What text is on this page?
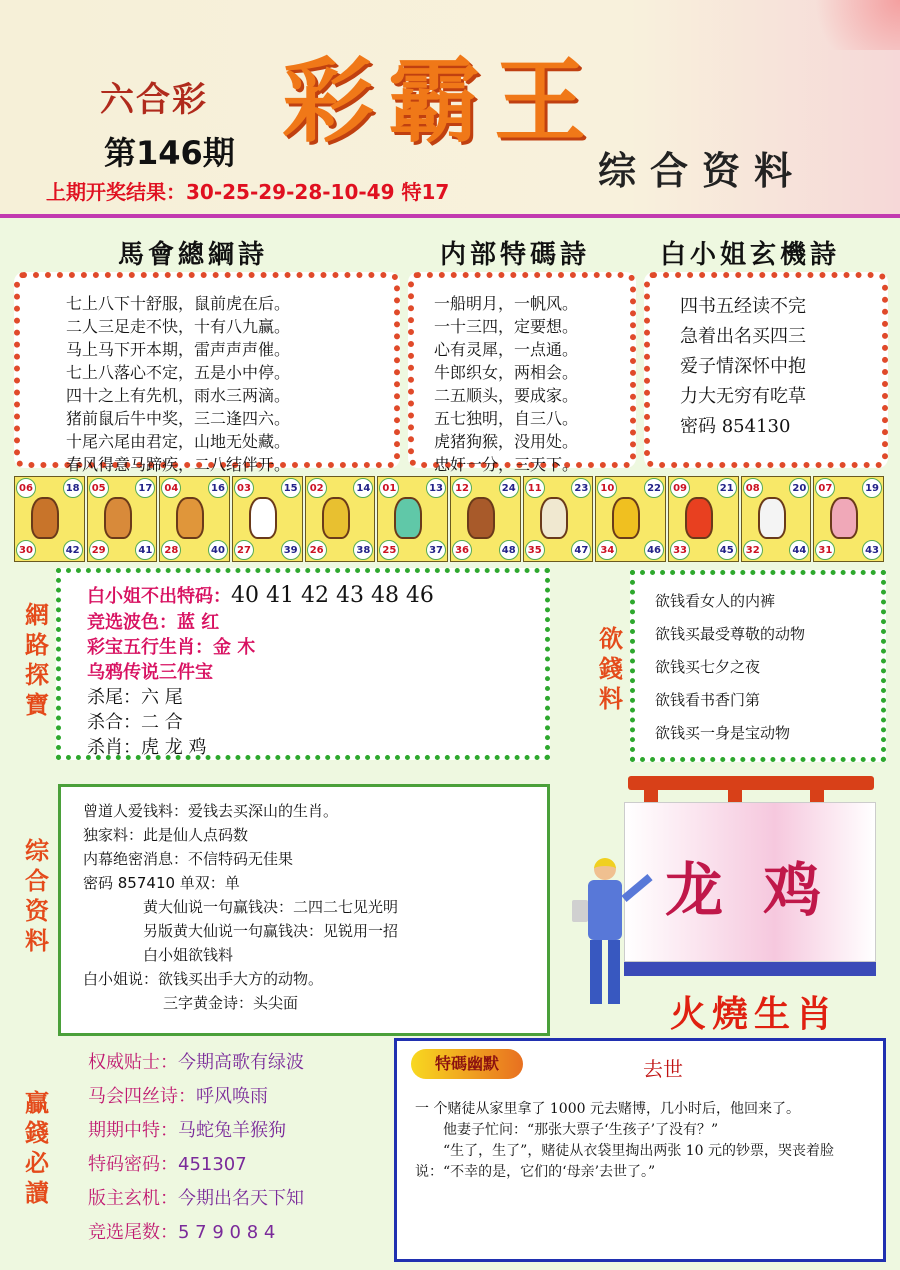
六合彩 彩霸王
第146期	综合资料
上期开奖结果：30-25-29-28-10-49 特17
馬會總綱詩	内部特碼詩	白小姐玄機詩
七上八下十舒服，鼠前虎在后。
二人三足走不快，十有八九赢。
马上马下开本期，雷声声声催。
七上八落心不定，五是小中停。
四十之上有先机，雨水三两滴。
猪前鼠后牛中奖，三二逢四六。
十尾六尾由君定，山地无处藏。
春风得意马蹄疾，二八结伴开。
一船明月，一帆风。
一十三四，定要想。
心有灵犀，一点通。
牛郎织女，两相会。
二五顺头，要成家。
五七独明，自三八。
虎猪狗猴，没用处。
忠奸一分，三天下。
四书五经读不完
急着出名买四三
爱子情深怀中抱
力大无穷有吃草
密码 854130
06	18
30	42
05	17
29	41
04	16
28	40
03	15
27	39
02	14
26	38
01	13
25	37
12	24
36	48
11	23
35	47
10	22
34	46
09	21
33	45
08	20
32	44
07	19
31	43
網路探寶
白小姐不出特码：40 41 42 43 48 46
竞选波色：蓝 红
彩宝五行生肖：金 木
乌鸦传说三件宝
杀尾：六 尾
杀合：二 合
杀肖：虎 龙 鸡
欲錢料
欲钱看女人的内裤
欲钱买最受尊敬的动物
欲钱买七夕之夜
欲钱看书香门第
欲钱买一身是宝动物
综合资料
曾道人爱钱料：爱钱去买深山的生肖。
独家料：此是仙人点码数
内幕绝密消息：不信特码无佳果
密码 857410 单双：单
黄大仙说一句赢钱决：二四二七见光明
另版黄大仙说一句赢钱决：见锐用一招
白小姐欲钱料
白小姐说：欲钱买出手大方的动物。
三字黄金诗：头尖面
龙 鸡
火燒生肖
贏錢必讀
权威贴士：今期高歌有绿波
马会四丝诗：呼风唤雨
期期中特：马蛇兔羊猴狗
特码密码：451307
版主玄机：今期出名天下知
竞选尾数：5 7 9 0 8 4
特碼幽默	去世

一 个赌徒从家里拿了 1000 元去赌博，几小时后，他回来了。

他妻子忙问：“那张大票子‘生孩子’了没有？”

“生了，生了”，赌徒从衣袋里掏出两张 10 元的钞票，哭丧着脸说：“不幸的是，它们的‘母亲’去世了。”
